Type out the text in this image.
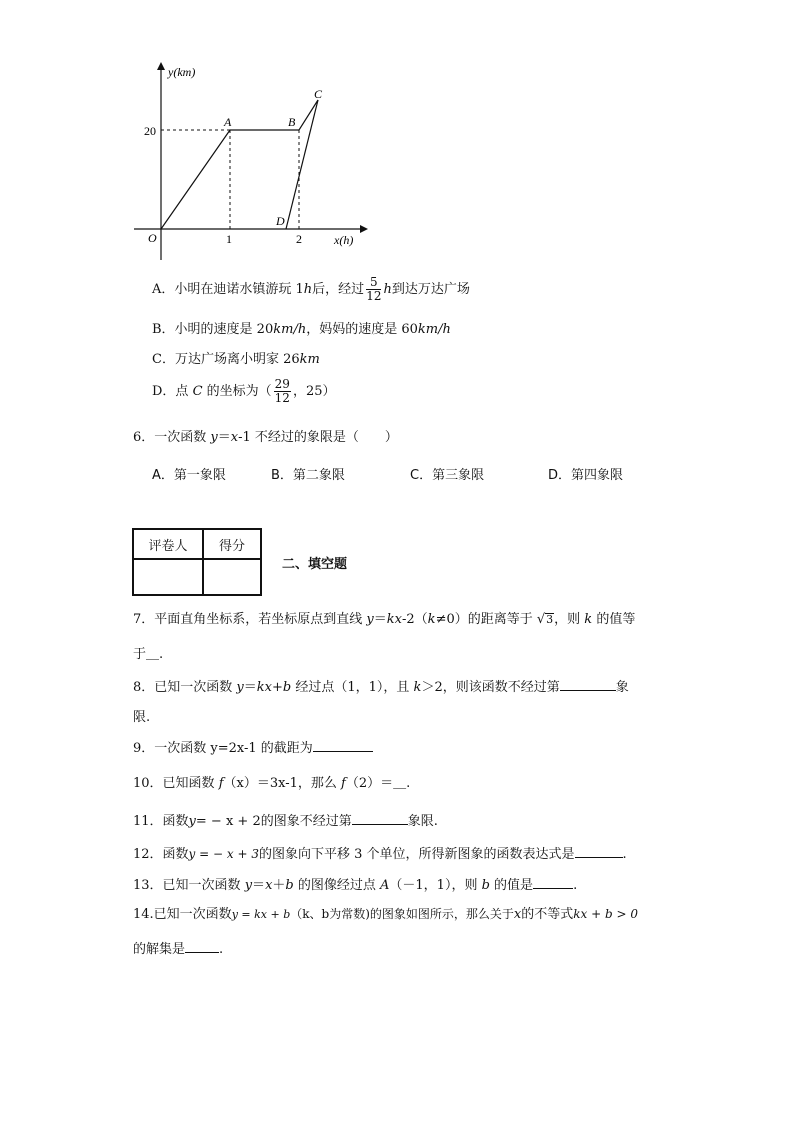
y(km)
x(h)
O
20
1	2
A	B
C
D
A．小明在迪诺水镇游玩 1h后，经过 $\frac{5}{12}$ h到达万达广场
B．小明的速度是 20km/h，妈妈的速度是 60km/h
C．万达广场离小明家 26km
D．点 C 的坐标为（ $\frac{29}{12}$ ，25）
6．一次函数 y＝x-1 不经过的象限是（　　）
A．第一象限	B．第二象限	C．第三象限	D．第四象限
评卷人	得分

二、填空题
7．平面直角坐标系，若坐标原点到直线 y＝kx-2（k≠0）的距离等于 √3，则 k 的值等
于＿.
8．已知一次函数 y＝kx+b 经过点（1，1），且 k＞2，则该函数不经过第	象
限.
9．一次函数 y=2x-1 的截距为
10．已知函数 f（x）＝3x-1，那么 f（2）＝＿.
11．函数y= − x + 2的图象不经过第	象限.
12．函数y = − x + 3的图象向下平移 3 个单位，所得新图象的函数表达式是	.
13．已知一次函数 y＝x＋b 的图像经过点 A（－1，1），则 b 的值是	.
14.已知一次函数y = kx + b（k、b为常数)的图象如图所示，那么关于x的不等式kx + b > 0
的解集是	.
